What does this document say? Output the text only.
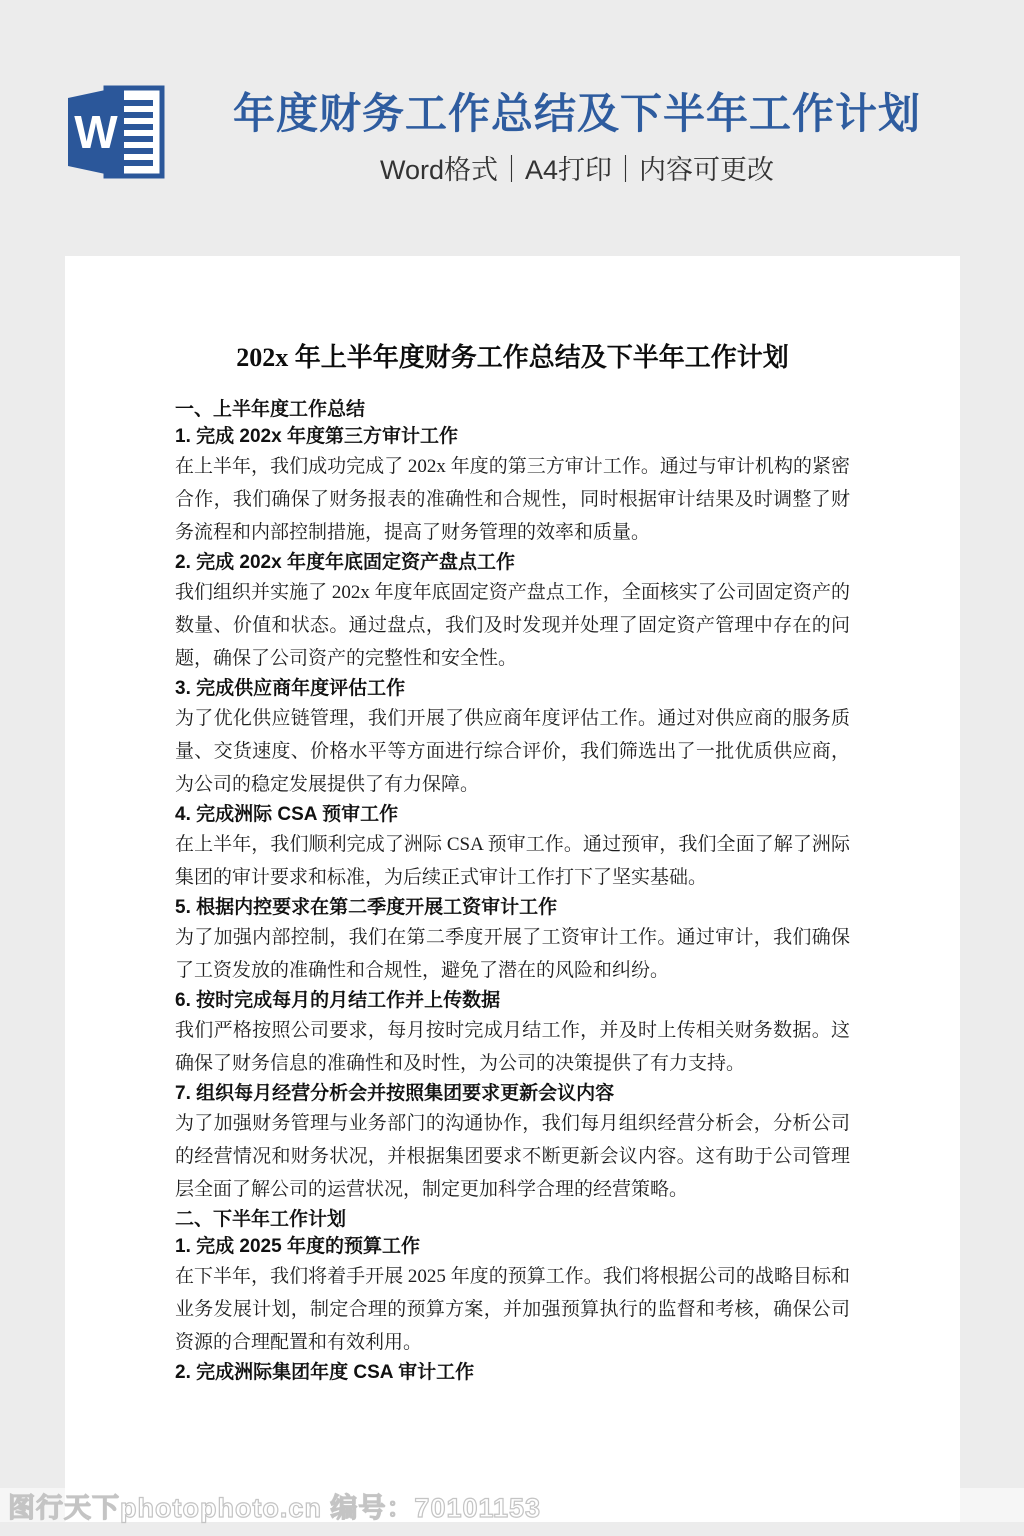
W	年度财务工作总结及下半年工作计划
Word格式｜A4打印｜内容可更改
202x 年上半年度财务工作总结及下半年工作计划
一、上半年度工作总结
1. 完成 202x 年度第三方审计工作

在上半年，我们成功完成了 202x 年度的第三方审计工作。通过与审计机构的紧密合作，我们确保了财务报表的准确性和合规性，同时根据审计结果及时调整了财务流程和内部控制措施，提高了财务管理的效率和质量。

2. 完成 202x 年度年底固定资产盘点工作

我们组织并实施了 202x 年度年底固定资产盘点工作，全面核实了公司固定资产的数量、价值和状态。通过盘点，我们及时发现并处理了固定资产管理中存在的问题，确保了公司资产的完整性和安全性。

3. 完成供应商年度评估工作

为了优化供应链管理，我们开展了供应商年度评估工作。通过对供应商的服务质量、交货速度、价格水平等方面进行综合评价，我们筛选出了一批优质供应商，为公司的稳定发展提供了有力保障。

4. 完成洲际 CSA 预审工作

在上半年，我们顺利完成了洲际 CSA 预审工作。通过预审，我们全面了解了洲际集团的审计要求和标准，为后续正式审计工作打下了坚实基础。

5. 根据内控要求在第二季度开展工资审计工作

为了加强内部控制，我们在第二季度开展了工资审计工作。通过审计，我们确保了工资发放的准确性和合规性，避免了潜在的风险和纠纷。

6. 按时完成每月的月结工作并上传数据

我们严格按照公司要求，每月按时完成月结工作，并及时上传相关财务数据。这确保了财务信息的准确性和及时性，为公司的决策提供了有力支持。

7. 组织每月经营分析会并按照集团要求更新会议内容

为了加强财务管理与业务部门的沟通协作，我们每月组织经营分析会，分析公司的经营情况和财务状况，并根据集团要求不断更新会议内容。这有助于公司管理层全面了解公司的运营状况，制定更加科学合理的经营策略。

二、下半年工作计划
1. 完成 2025 年度的预算工作

在下半年，我们将着手开展 2025 年度的预算工作。我们将根据公司的战略目标和业务发展计划，制定合理的预算方案，并加强预算执行的监督和考核，确保公司资源的合理配置和有效利用。

2. 完成洲际集团年度 CSA 审计工作
图行天下photophoto.cn 编号：70101153
